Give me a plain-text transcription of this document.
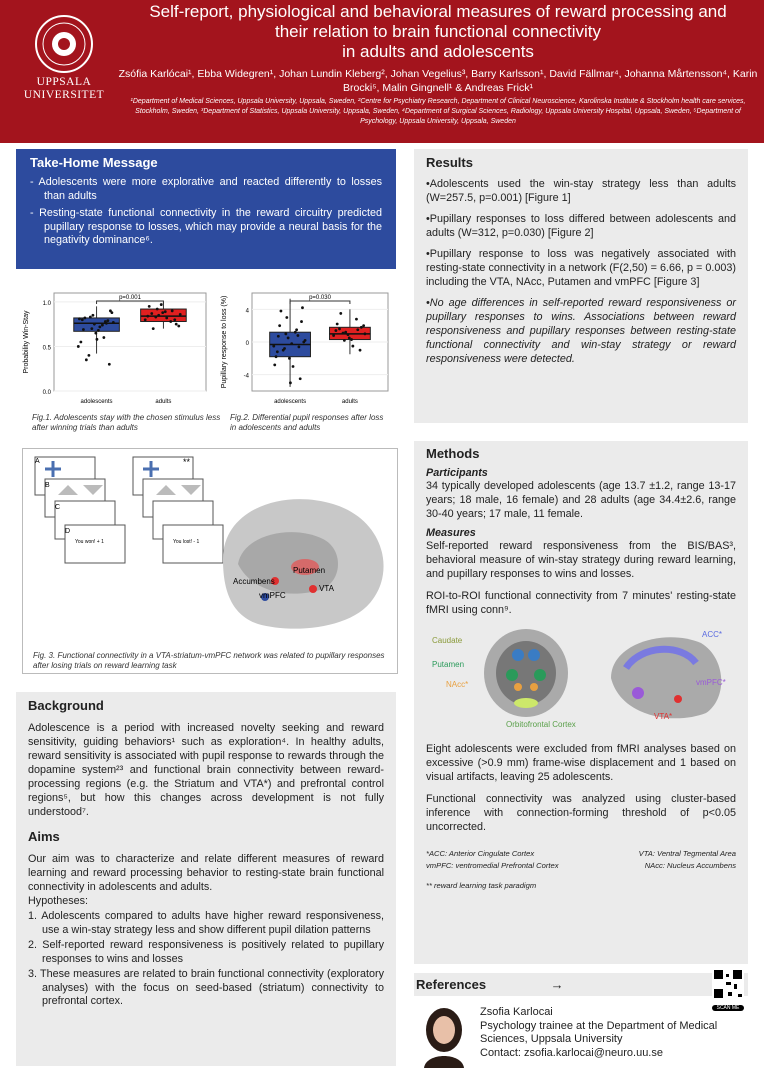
UPPSALA
UNIVERSITET
Self-report, physiological and behavioral measures of reward processing and
their relation to brain functional connectivity
in adults and adolescents
Zsófia Karlócai¹, Ebba Widegren¹, Johan Lundin Kleberg², Johan Vegelius³, Barry Karlsson¹, David Fällmar⁴, Johanna Mårtensson⁴, Karin Brocki⁵, Malin Gingnell¹ & Andreas Frick¹
¹Department of Medical Sciences, Uppsala University, Uppsala, Sweden, ²Centre for Psychiatry Research, Department of Clinical Neuroscience, Karolinska Institute & Stockholm health care services, Stockholm, Sweden, ³Department of Statistics, Uppsala University, Uppsala, Sweden, ⁴Department of Surgical Sciences, Radiology, Uppsala University Hospital, Uppsala, Sweden, ⁵Department of Psychology, Uppsala University, Uppsala, Sweden
Take-Home Message
- Adolescents were more explorative and reacted differently to losses than adults
- Resting-state functional connectivity in the reward circuitry predicted pupillary response to losses, which may provide a neural basis for the negativity dominance⁶.
0.0
0.5
1.0
Probability Win-Stay
adolescents	adults
p=0.001
4
0
-4
Pupillary response to loss (%)
adolescents	adults
p=0.030
Fig.1. Adolescents stay with the chosen stimulus less after winning trials than adults
Fig.2. Differential pupil responses after loss in adolescents and adults
A
B
C
D
You won! + 1	You lost! - 1
**
Putamen
Accumbens
VTA
vmPFC
Fig. 3. Functional connectivity in a VTA-striatum-vmPFC network was related to pupillary responses after losing trials on reward learning task
Results

•Adolescents used the win-stay strategy less than adults (W=257.5, p=0.001) [Figure 1]

•Pupillary responses to loss differed between adolescents and adults (W=312, p=0.030) [Figure 2]

•Pupillary response to loss was negatively associated with resting-state connectivity in a network (F(2,50) = 6.66, p = 0.003) including the VTA, NAcc, Putamen and vmPFC [Figure 3]

•No age differences in self-reported reward responsiveness or pupillary responses to wins. Associations between reward responsiveness and pupillary responses between resting-state functional connectivity and win-stay strategy or reward responsiveness were detected.

Methods
Participants

34 typically developed adolescents (age 13.7 ±1.2, range 13-17 years; 18 male, 16 female) and 28 adults (age 34.4±2.6, range 30-40 years; 17 male, 11 female.

Measures

Self-reported reward responsiveness from the BIS/BAS³, behavioral measure of win-stay strategy during reward learning, and pupillary responses to wins and losses.

ROI-to-ROI functional connectivity from 7 minutes' resting-state fMRI using conn⁹.

Caudate
Putamen
NAcc*
Orbitofrontal Cortex
ACC*
vmPFC*
VTA*

Eight adolescents were excluded from fMRI analyses based on excessive (>0.9 mm) frame-wise displacement and 1 based on visual artifacts, leaving 25 adolescents.

Functional connectivity was analyzed using cluster-based inference with connection-forming threshold of p<0.05 uncorrected.

*ACC: Anterior Cingulate Cortex	VTA: Ventral Tegmental Area
vmPFC: ventromedial Prefrontal Cortex	NAcc: Nucleus Accumbens
** reward learning task paradigm
Background

Adolescence is a period with increased novelty seeking and reward sensitivity, guiding behaviors¹ such as exploration⁴. In healthy adults, reward sensitivity is associated with pupil response to rewards through the dopamine system²³ and functional brain connectivity between reward-processing regions (e.g. the Striatum and VTA*) and prefrontal control regions⁵, but how this changes across development is not fully understood⁷.

Aims

Our aim was to characterize and relate different measures of reward learning and reward processing behavior to resting-state brain functional connectivity in adolescents and adults.

Hypotheses:
1. Adolescents compared to adults have higher reward responsiveness, use a win-stay strategy less and show different pupil dilation patterns
2. Self-reported reward responsiveness is positively related to pupillary responses to wins and losses
3. These measures are related to brain functional connectivity (exploratory analyses) with the focus on seed-based (striatum) connectivity to prefrontal cortex.
References	→
SCAN ME
Zsofia Karlocai
Psychology trainee at the Department of Medical Sciences, Uppsala University
Contact: zsofia.karlocai@neuro.uu.se
